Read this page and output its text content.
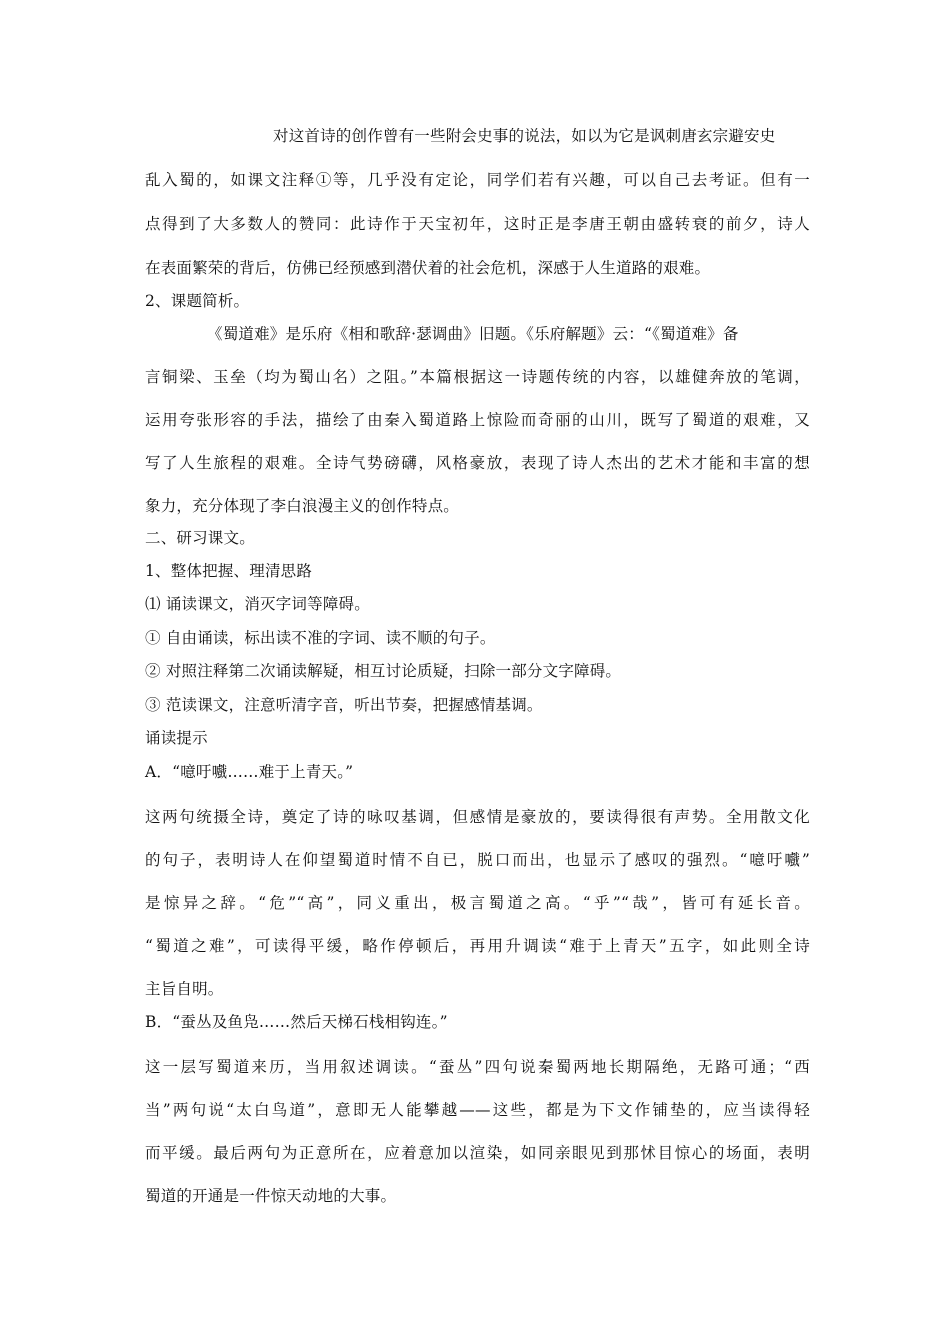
对这首诗的创作曾有一些附会史事的说法，如以为它是讽刺唐玄宗避安史
乱入蜀的，如课文注释①等，几乎没有定论，同学们若有兴趣，可以自己去考证。但有一
点得到了大多数人的赞同：此诗作于天宝初年，这时正是李唐王朝由盛转衰的前夕，诗人
在表面繁荣的背后，仿佛已经预感到潜伏着的社会危机，深感于人生道路的艰难。
2、课题简析。
《蜀道难》是乐府《相和歌辞·瑟调曲》旧题。《乐府解题》云：“《蜀道难》备
言铜梁、玉垒（均为蜀山名）之阻。”本篇根据这一诗题传统的内容，以雄健奔放的笔调，
运用夸张形容的手法，描绘了由秦入蜀道路上惊险而奇丽的山川，既写了蜀道的艰难，又
写了人生旅程的艰难。全诗气势磅礴，风格豪放，表现了诗人杰出的艺术才能和丰富的想
象力，充分体现了李白浪漫主义的创作特点。
二、研习课文。
1、整体把握、理清思路
⑴ 诵读课文，消灭字词等障碍。
① 自由诵读，标出读不准的字词、读不顺的句子。
② 对照注释第二次诵读解疑，相互讨论质疑，扫除一部分文字障碍。
③ 范读课文，注意听清字音，听出节奏，把握感情基调。
诵读提示
A．“噫吁嚱……难于上青天。”
这两句统摄全诗，奠定了诗的咏叹基调，但感情是豪放的，要读得很有声势。全用散文化
的句子，表明诗人在仰望蜀道时情不自已，脱口而出，也显示了感叹的强烈。“噫吁嚱”
是惊异之辞。“危”“高”，同义重出，极言蜀道之高。“乎”“哉”，皆可有延长音。
“蜀道之难”，可读得平缓，略作停顿后，再用升调读“难于上青天”五字，如此则全诗
主旨自明。
B．“蚕丛及鱼凫……然后天梯石栈相钩连。”
这一层写蜀道来历，当用叙述调读。“蚕丛”四句说秦蜀两地长期隔绝，无路可通；“西
当”两句说“太白鸟道”，意即无人能攀越——这些，都是为下文作铺垫的，应当读得轻
而平缓。最后两句为正意所在，应着意加以渲染，如同亲眼见到那怵目惊心的场面，表明
蜀道的开通是一件惊天动地的大事。
